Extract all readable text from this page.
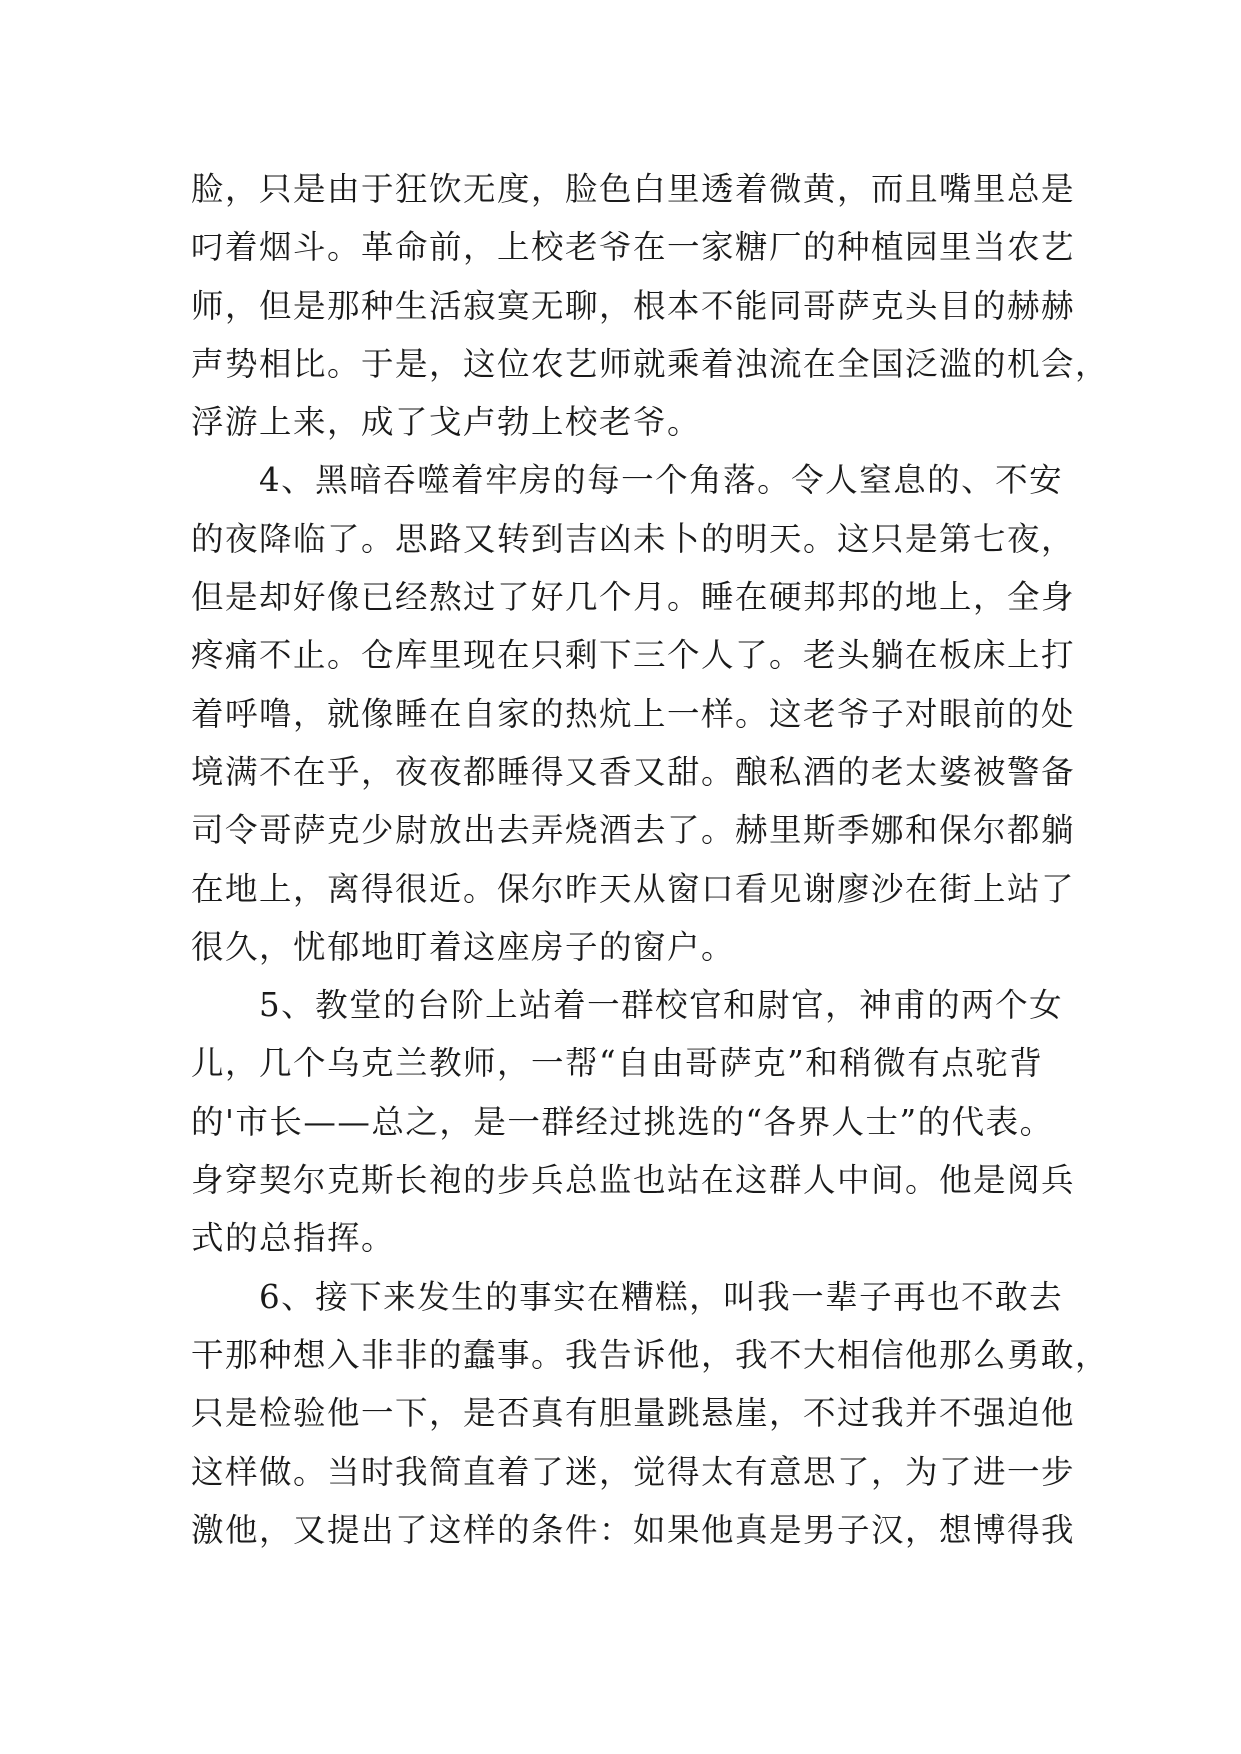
脸，只是由于狂饮无度，脸色白里透着微黄，而且嘴里总是
叼着烟斗。革命前，上校老爷在一家糖厂的种植园里当农艺
师，但是那种生活寂寞无聊，根本不能同哥萨克头目的赫赫
声势相比。于是，这位农艺师就乘着浊流在全国泛滥的机会，
浮游上来，成了戈卢勃上校老爷。
　　4、黑暗吞噬着牢房的每一个角落。令人窒息的、不安
的夜降临了。思路又转到吉凶未卜的明天。这只是第七夜，
但是却好像已经熬过了好几个月。睡在硬邦邦的地上，全身
疼痛不止。仓库里现在只剩下三个人了。老头躺在板床上打
着呼噜，就像睡在自家的热炕上一样。这老爷子对眼前的处
境满不在乎，夜夜都睡得又香又甜。酿私酒的老太婆被警备
司令哥萨克少尉放出去弄烧酒去了。赫里斯季娜和保尔都躺
在地上，离得很近。保尔昨天从窗口看见谢廖沙在街上站了
很久，忧郁地盯着这座房子的窗户。
　　5、教堂的台阶上站着一群校官和尉官，神甫的两个女
儿，几个乌克兰教师，一帮“自由哥萨克”和稍微有点驼背
的'市长——总之，是一群经过挑选的“各界人士”的代表。
身穿契尔克斯长袍的步兵总监也站在这群人中间。他是阅兵
式的总指挥。
　　6、接下来发生的事实在糟糕，叫我一辈子再也不敢去
干那种想入非非的蠢事。我告诉他，我不大相信他那么勇敢，
只是检验他一下，是否真有胆量跳悬崖，不过我并不强迫他
这样做。当时我简直着了迷，觉得太有意思了，为了进一步
激他，又提出了这样的条件：如果他真是男子汉，想博得我
